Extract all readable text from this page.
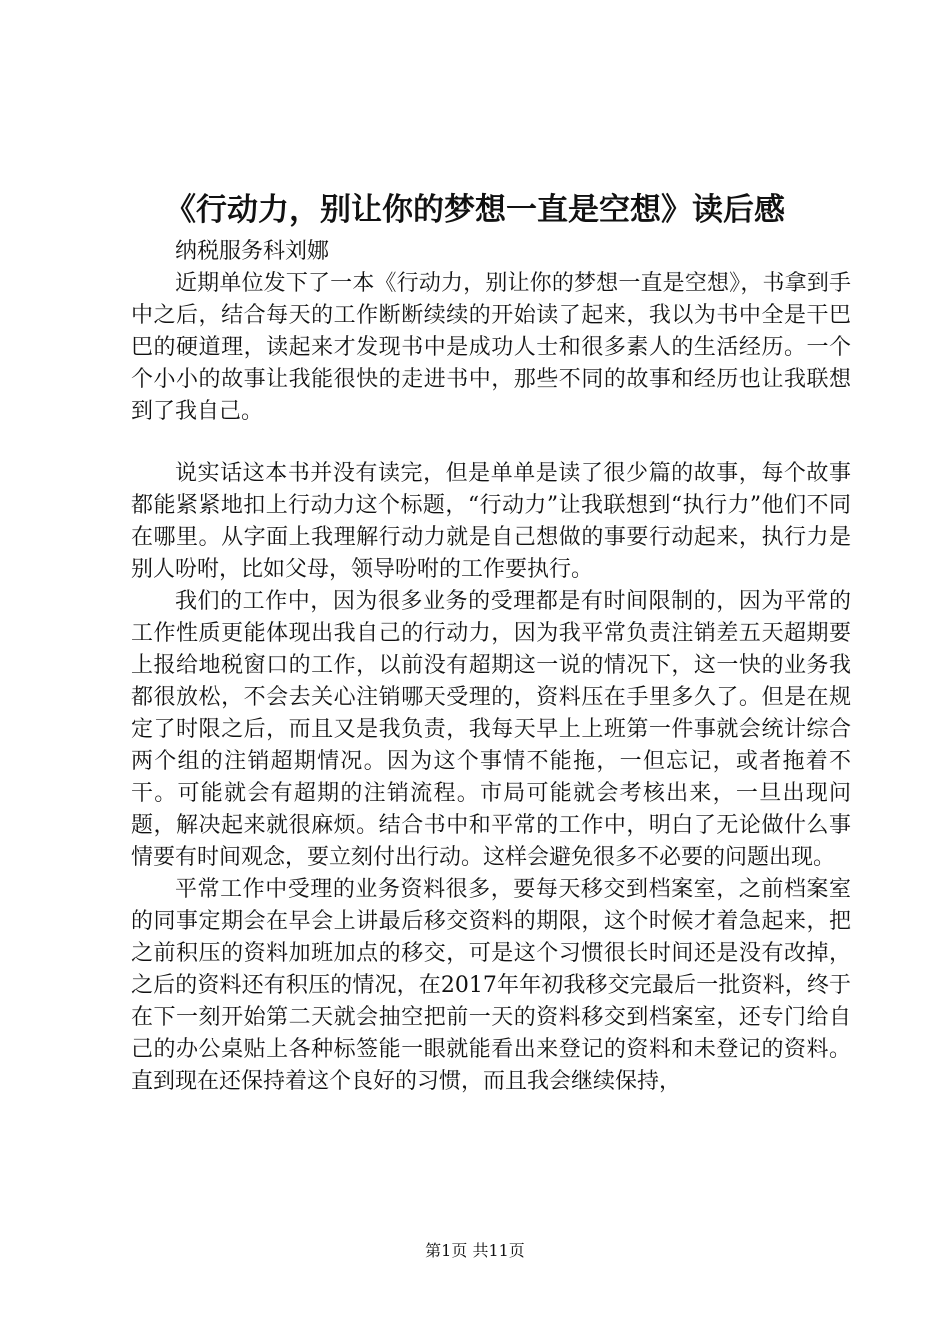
《行动力，别让你的梦想一直是空想》读后感

纳税服务科刘娜

近期单位发下了一本《行动力，别让你的梦想一直是空想》，书拿到手中之后，结合每天的工作断断续续的开始读了起来，我以为书中全是干巴巴的硬道理，读起来才发现书中是成功人士和很多素人的生活经历。一个个小小的故事让我能很快的走进书中，那些不同的故事和经历也让我联想到了我自己。

说实话这本书并没有读完，但是单单是读了很少篇的故事，每个故事都能紧紧地扣上行动力这个标题，“行动力”让我联想到“执行力”他们不同在哪里。从字面上我理解行动力就是自己想做的事要行动起来，执行力是别人吩咐，比如父母，领导吩咐的工作要执行。

我们的工作中，因为很多业务的受理都是有时间限制的，因为平常的工作性质更能体现出我自己的行动力，因为我平常负责注销差五天超期要上报给地税窗口的工作，以前没有超期这一说的情况下，这一快的业务我都很放松，不会去关心注销哪天受理的，资料压在手里多久了。但是在规定了时限之后，而且又是我负责，我每天早上上班第一件事就会统计综合两个组的注销超期情况。因为这个事情不能拖，一但忘记，或者拖着不干。可能就会有超期的注销流程。市局可能就会考核出来，一旦出现问题，解决起来就很麻烦。结合书中和平常的工作中，明白了无论做什么事情要有时间观念，要立刻付出行动。这样会避免很多不必要的问题出现。

平常工作中受理的业务资料很多，要每天移交到档案室，之前档案室的同事定期会在早会上讲最后移交资料的期限，这个时候才着急起来，把之前积压的资料加班加点的移交，可是这个习惯很长时间还是没有改掉，之后的资料还有积压的情况，在2017年年初我移交完最后一批资料，终于在下一刻开始第二天就会抽空把前一天的资料移交到档案室，还专门给自己的办公桌贴上各种标签能一眼就能看出来登记的资料和未登记的资料。直到现在还保持着这个良好的习惯，而且我会继续保持，

第1页 共11页
